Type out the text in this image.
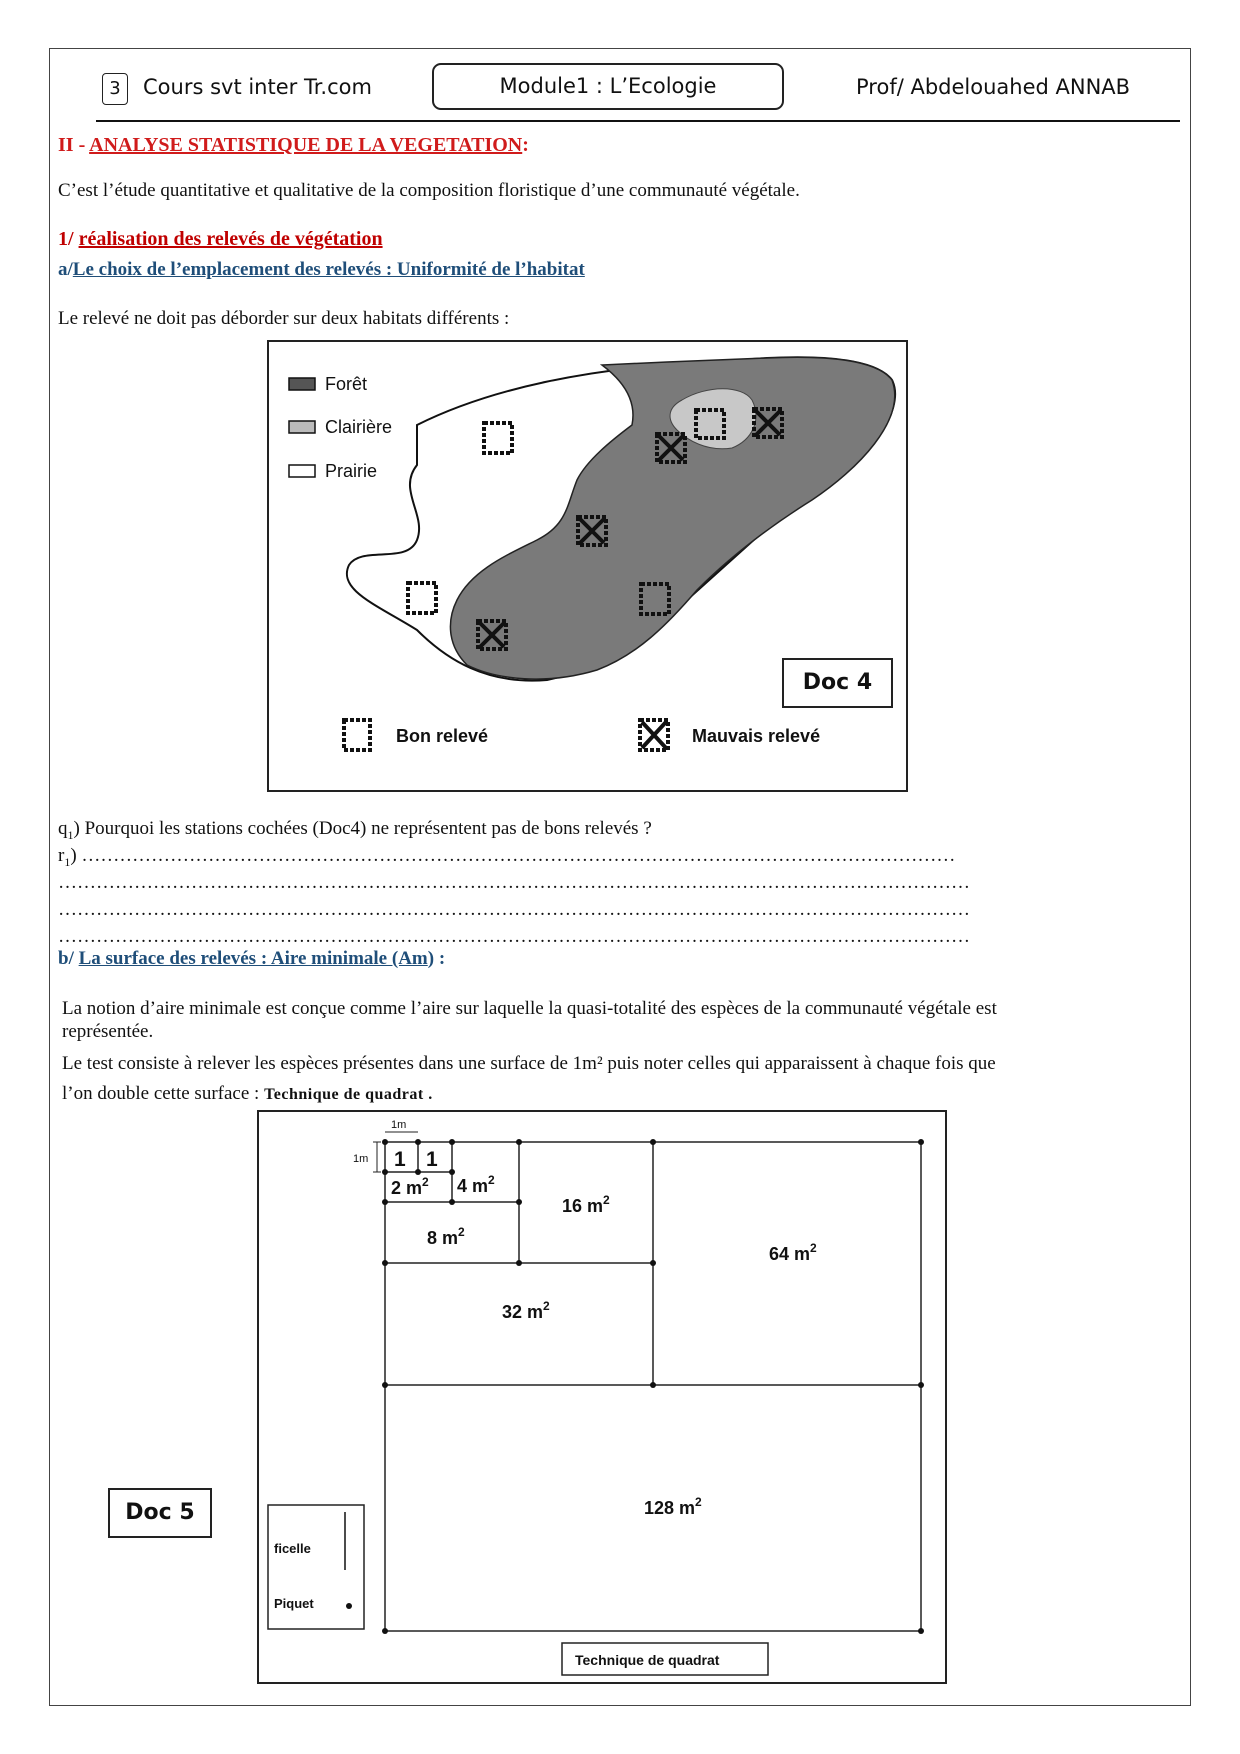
3	Cours svt inter Tr.com	Module1 : L’Ecologie	Prof/ Abdelouahed ANNAB
II - ANALYSE STATISTIQUE DE LA VEGETATION:
C’est l’étude quantitative et qualitative de la composition floristique d’une communauté végétale.
1/ réalisation des relevés de végétation
a/Le choix de l’emplacement des relevés : Uniformité de l’habitat
Le relevé ne doit pas déborder sur deux habitats différents :
Forêt
Clairière
Prairie
Bon relevé	Mauvais relevé
Doc 4
$q_1$) Pourquoi les stations cochées (Doc4) ne représentent pas de bons relevés ?
$r_1$) …………………………………………………………………………………………………………………………
………………………………………………………………………………………………………………………………
………………………………………………………………………………………………………………………………
………………………………………………………………………………………………………………………………
b/ La surface des relevés : Aire minimale (Am) :
La notion d’aire minimale est conçue comme l’aire sur laquelle la quasi-totalité des espèces de la communauté végétale est
représentée.
Le test consiste à relever les espèces présentes dans une surface de 1m² puis noter celles qui apparaissent à chaque fois que
l’on double cette surface : Technique de quadrat .
1m
1m 1 1
2 $m^2$ 4 $m^2$
8 $m^2$
16 $m^2$
32 $m^2$
64 $m^2$
128 $m^2$
ficelle
Piquet
Technique de quadrat
Doc 5
